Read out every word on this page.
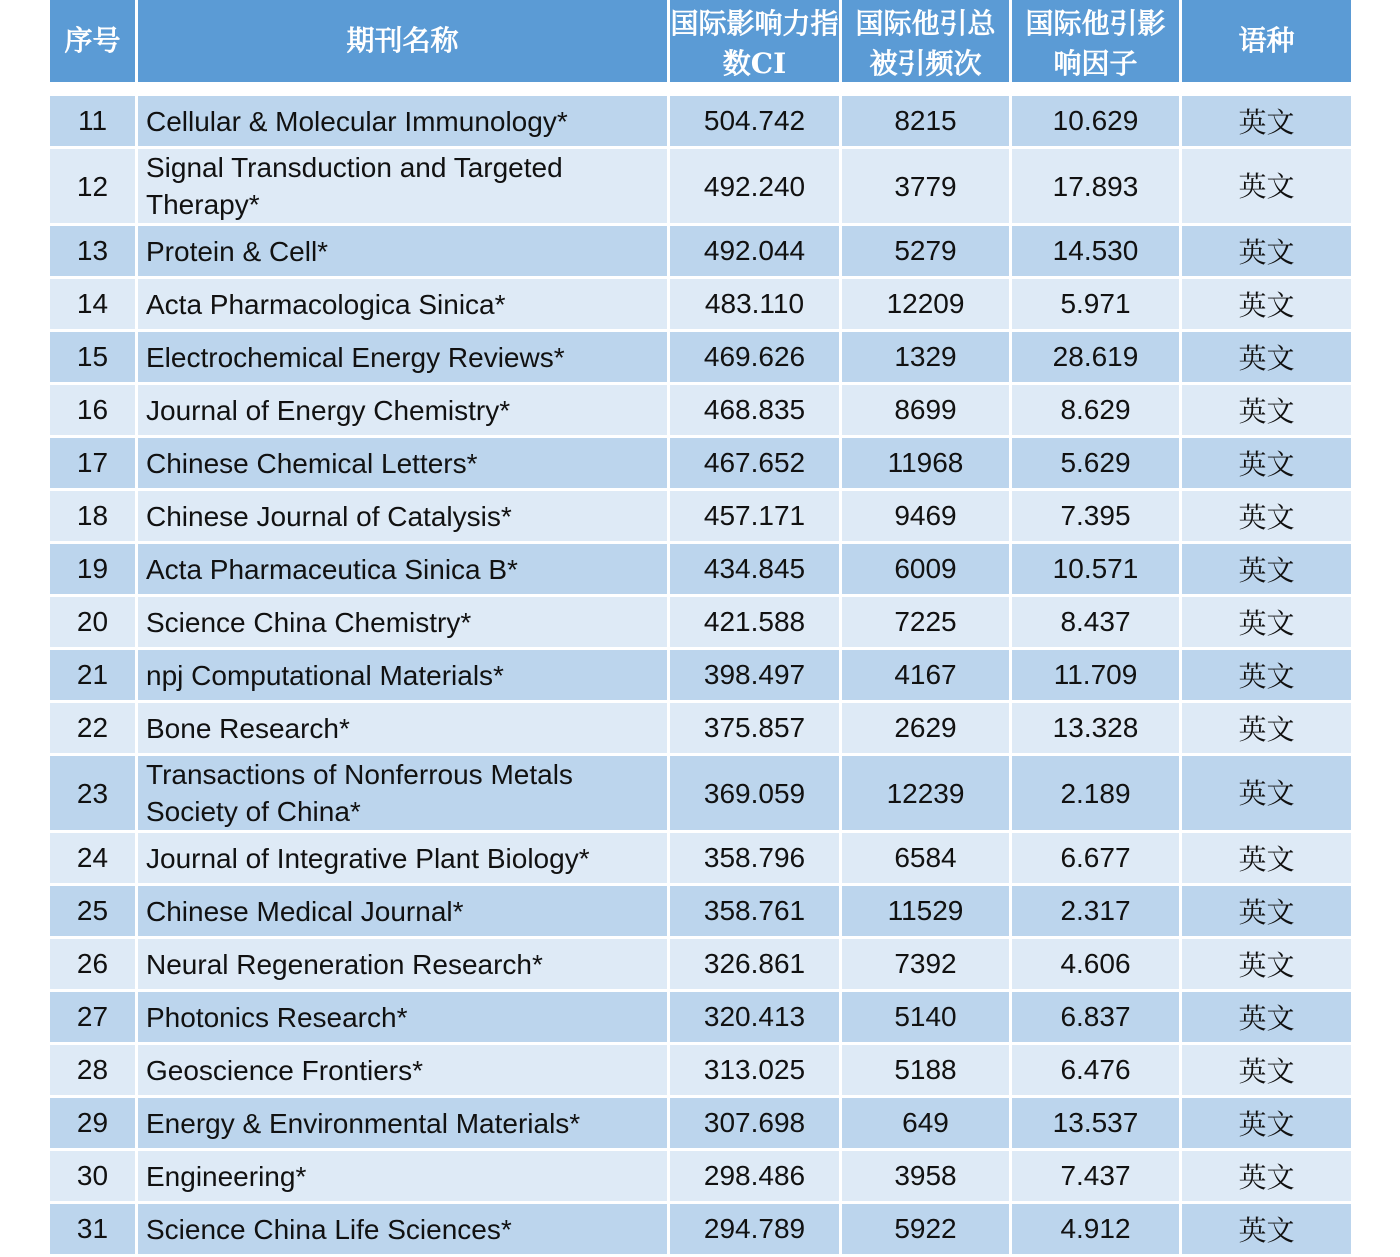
序号	期刊名称	国际影响力指数CI	国际他引总被引频次	国际他引影响因子	语种

11	Cellular & Molecular Immunology*	504.742	8215	10.629	英文
12	Signal Transduction and Targeted Therapy*	492.240	3779	17.893	英文
13	Protein & Cell*	492.044	5279	14.530	英文
14	Acta Pharmacologica Sinica*	483.110	12209	5.971	英文
15	Electrochemical Energy Reviews*	469.626	1329	28.619	英文
16	Journal of Energy Chemistry*	468.835	8699	8.629	英文
17	Chinese Chemical Letters*	467.652	11968	5.629	英文
18	Chinese Journal of Catalysis*	457.171	9469	7.395	英文
19	Acta Pharmaceutica Sinica B*	434.845	6009	10.571	英文
20	Science China Chemistry*	421.588	7225	8.437	英文
21	npj Computational Materials*	398.497	4167	11.709	英文
22	Bone Research*	375.857	2629	13.328	英文
23	Transactions of Nonferrous Metals Society of China*	369.059	12239	2.189	英文
24	Journal of Integrative Plant Biology*	358.796	6584	6.677	英文
25	Chinese Medical Journal*	358.761	11529	2.317	英文
26	Neural Regeneration Research*	326.861	7392	4.606	英文
27	Photonics Research*	320.413	5140	6.837	英文
28	Geoscience Frontiers*	313.025	5188	6.476	英文
29	Energy & Environmental Materials*	307.698	649	13.537	英文
30	Engineering*	298.486	3958	7.437	英文
31	Science China Life Sciences*	294.789	5922	4.912	英文
